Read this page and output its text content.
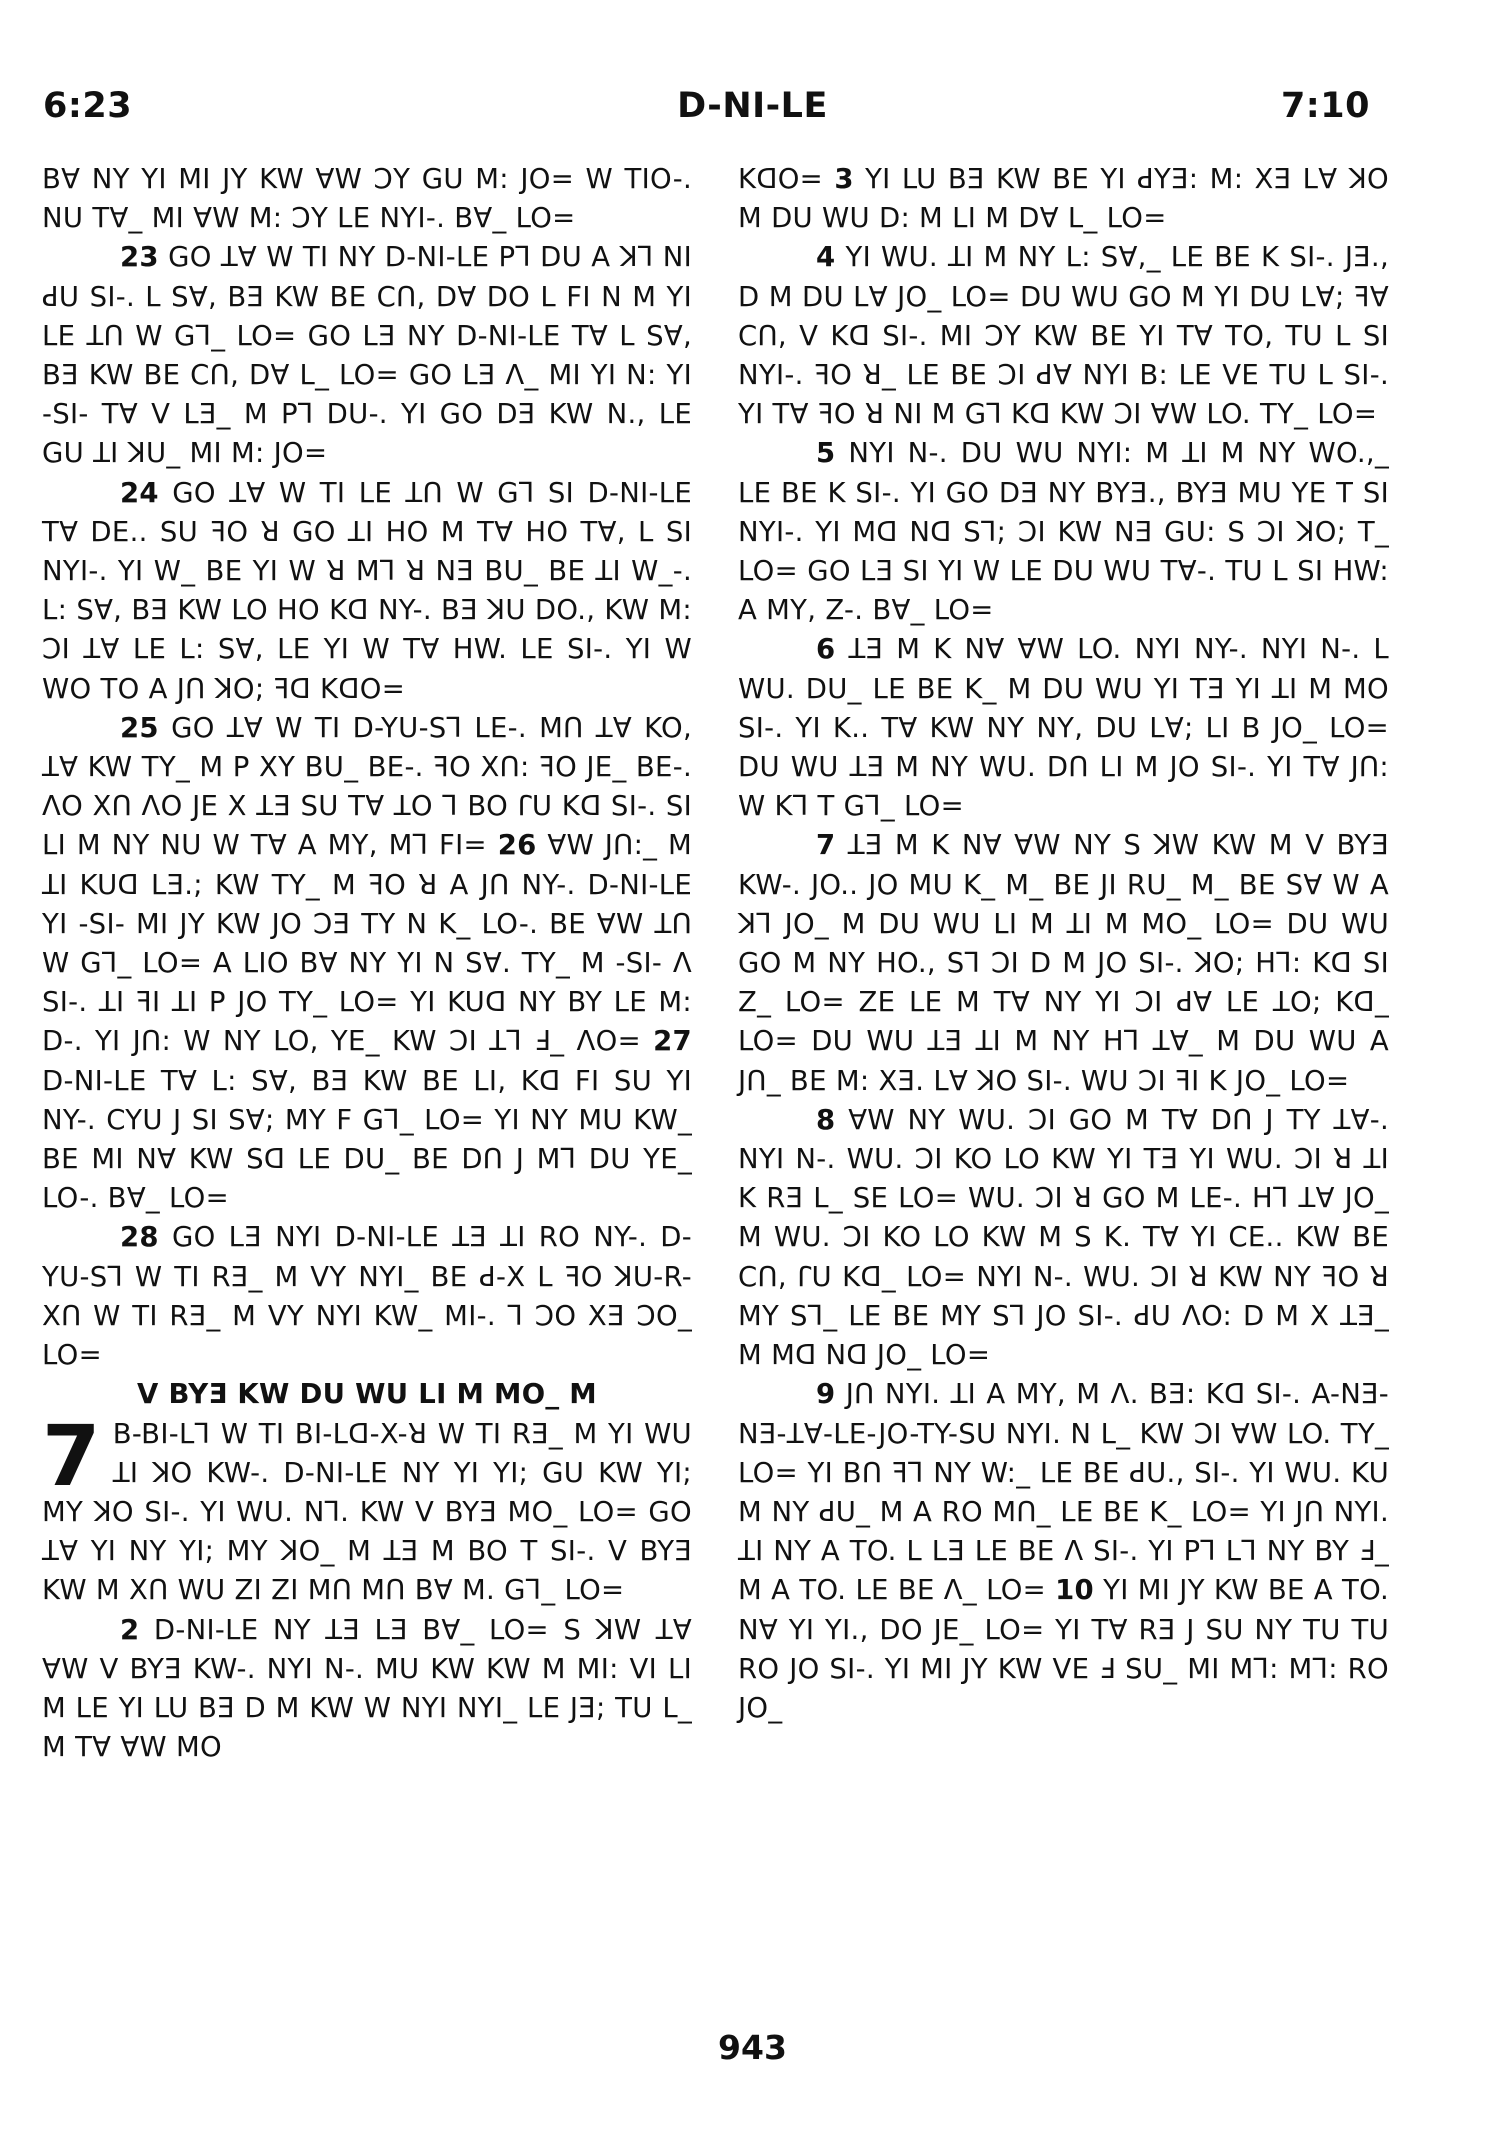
6:23	D-NI-LE	7:10

Bꓯ NY YI MI JY KW ꓯW ƆY GU M: JO= W TIO-. NU Tꓯ_ MI ꓯW M: ƆY LE NYI-. Bꓯ_ LO=

23 GO ꓕꓯ W TI NY D-NI-LE Pꓶ DU A ꓘꓶ NI ꓒU SI-. L Sꓯ, BƎ KW BE Cꓵ, Dꓯ DO L FI N M YI LE ꓕꓵ W Gꓶ_ LO= GO LƎ NY D-NI-LE Tꓯ L Sꓯ, BƎ KW BE Cꓵ, Dꓯ L_ LO= GO LƎ ꓥ_ MI YI N: YI -SI- Tꓯ V LƎ_ M Pꓶ DU-. YI GO DƎ KW N., LE GU ꓕI ꓘU_ MI M: JO=

24 GO ꓕꓯ W TI LE ꓕꓵ W Gꓶ SI D-NI-LE Tꓯ DE.. SU ꟻO ꓤ GO ꓕI HO M Tꓯ HO Tꓯ, L SI NYI-. YI W_ BE YI W ꓤ Mꓶ ꓤ NƎ BU_ BE ꓕI W_-. L: Sꓯ, BƎ KW LO HO Kꓷ NY-. BƎ ꓘU DO., KW M: ƆI ꓕꓯ LE L: Sꓯ, LE YI W Tꓯ HW. LE SI-. YI W WO TO A Jꓵ ꓘO; ꟻꓷ KꓷO=

25 GO ꓕꓯ W TI D-YU-Sꓶ LE-. Mꓵ ꓕꓯ KO, ꓕꓯ KW TY_ M P XY BU_ BE-. ꟻO Xꓵ: ꟻO JE_ BE-. ꓥO Xꓵ ꓥO JE X ꓕƎ SU Tꓯ ꓕO ꓶ BO ꓩU Kꓷ SI-. SI LI M NY NU W Tꓯ A MY, Mꓶ FI= 26 ꓯW Jꓵ:_ M ꓕI KUꓷ LƎ.; KW TY_ M ꟻO ꓤ A Jꓵ NY-. D-NI-LE YI -SI- MI JY KW JO ƆƎ TY N K_ LO-. BE ꓯW ꓕꓵ W Gꓶ_ LO= A LIO Bꓯ NY YI N Sꓯ. TY_ M -SI- ꓥ SI-. ꓕI ꟻI ꓕI P JO TY_ LO= YI KUꓷ NY BY LE M: D-. YI Jꓵ: W NY LO, YE_ KW ƆI ꓕꓶ Ⅎ_ ꓥO= 27 D-NI-LE Tꓯ L: Sꓯ, BƎ KW BE LI, Kꓷ FI SU YI NY-. CYU J SI Sꓯ; MY F Gꓶ_ LO= YI NY MU KW_ BE MI Nꓯ KW Sꓷ LE DU_ BE Dꓵ J Mꓶ DU YE_ LO-. Bꓯ_ LO=

28 GO LƎ NYI D-NI-LE ꓕƎ ꓕI RO NY-. D-YU-Sꓶ W TI RƎ_ M VY NYI_ BE ꓒ-X L ꟻO ꓘU-R-Xꓵ W TI RƎ_ M VY NYI KW_ MI-. ꓶ ƆO XƎ ƆO_ LO=

V BYƎ KW DU WU LI M MO_ M

7 B-BI-Lꓶ W TI BI-Lꓷ-X-ꓤ W TI RƎ_ M YI WU ꓕI ꓘO KW-. D-NI-LE NY YI YI; GU KW YI; MY ꓘO SI-. YI WU. Nꓶ. KW V BYƎ MO_ LO= GO ꓕꓯ YI NY YI; MY ꓘO_ M ꓕƎ M BO T SI-. V BYƎ KW M Xꓵ WU ZI ZI Mꓵ Mꓵ Bꓯ M. Gꓶ_ LO=

2 D-NI-LE NY ꓕƎ LƎ Bꓯ_ LO= S ꓘW ꓕꓯ ꓯW V BYƎ KW-. NYI N-. MU KW KW M MI: VI LI M LE YI LU BƎ D M KW W NYI NYI_ LE JƎ; TU L_ M Tꓯ ꓯW MO

KꓷO= 3 YI LU BƎ KW BE YI ꓒYƎ: M: XƎ Lꓯ ꓘO M DU WU D: M LI M Dꓯ L_ LO=

4 YI WU. ꓕI M NY L: Sꓯ,_ LE BE K SI-. JƎ., D M DU Lꓯ JO_ LO= DU WU GO M YI DU Lꓯ; ꟻꓯ Cꓵ, V Kꓷ SI-. MI ƆY KW BE YI Tꓯ TO, TU L SI NYI-. ꟻO ꓤ_ LE BE ƆI ꓒꓯ NYI B: LE VE TU L SI-. YI Tꓯ ꟻO ꓤ NI M Gꓶ Kꓷ KW ƆI ꓯW LO. TY_ LO=

5 NYI N-. DU WU NYI: M ꓕI M NY WO.,_ LE BE K SI-. YI GO DƎ NY BYƎ., BYƎ MU YE T SI NYI-. YI Mꓷ Nꓷ Sꓶ; ƆI KW NƎ GU: S ƆI ꓘO; T_ LO= GO LƎ SI YI W LE DU WU Tꓯ-. TU L SI HW: A MY, Z-. Bꓯ_ LO=

6 ꓕƎ M K Nꓯ ꓯW LO. NYI NY-. NYI N-. L WU. DU_ LE BE K_ M DU WU YI TƎ YI ꓕI M MO SI-. YI K.. Tꓯ KW NY NY, DU Lꓯ; LI B JO_ LO= DU WU ꓕƎ M NY WU. Dꓵ LI M JO SI-. YI Tꓯ Jꓵ: W Kꓶ T Gꓶ_ LO=

7 ꓕƎ M K Nꓯ ꓯW NY S ꓘW KW M V BYƎ KW-. JO.. JO MU K_ M_ BE JI RU_ M_ BE Sꓯ W A ꓘꓶ JO_ M DU WU LI M ꓕI M MO_ LO= DU WU GO M NY HO., Sꓶ ƆI D M JO SI-. ꓘO; Hꓶ: Kꓷ SI Z_ LO= ZE LE M Tꓯ NY YI ƆI ꓒꓯ LE ꓕO; Kꓷ_ LO= DU WU ꓕƎ ꓕI M NY Hꓶ ꓕꓯ_ M DU WU A Jꓵ_ BE M: XƎ. Lꓯ ꓘO SI-. WU ƆI ꟻI K JO_ LO=

8 ꓯW NY WU. ƆI GO M Tꓯ Dꓵ J TY ꓕꓯ-. NYI N-. WU. ƆI KO LO KW YI TƎ YI WU. ƆI ꓤ ꓕI K RƎ L_ SE LO= WU. ƆI ꓤ GO M LE-. Hꓶ ꓕꓯ JO_ M WU. ƆI KO LO KW M S K. Tꓯ YI CE.. KW BE Cꓵ, ꓩU Kꓷ_ LO= NYI N-. WU. ƆI ꓤ KW NY ꟻO ꓤ MY Sꓶ_ LE BE MY Sꓶ JO SI-. ꓒU ꓥO: D M X ꓕƎ_ M Mꓷ Nꓷ JO_ LO=

9 Jꓵ NYI. ꓕI A MY, M ꓥ. BƎ: Kꓷ SI-. A-NƎ-NƎ-ꓕꓯ-LE-JO-TY-SU NYI. N L_ KW ƆI ꓯW LO. TY_ LO= YI Bꓵ ꟻꓶ NY W:_ LE BE ꓒU., SI-. YI WU. KU M NY ꓒU_ M A RO Mꓵ_ LE BE K_ LO= YI Jꓵ NYI. ꓕI NY A TO. L LƎ LE BE ꓥ SI-. YI Pꓶ Lꓶ NY BY Ⅎ_ M A TO. LE BE ꓥ_ LO= 10 YI MI JY KW BE A TO. Nꓯ YI YI., DO JE_ LO= YI Tꓯ RƎ J SU NY TU TU RO JO SI-. YI MI JY KW VE Ⅎ SU_ MI Mꓶ: Mꓶ: RO JO_

943
